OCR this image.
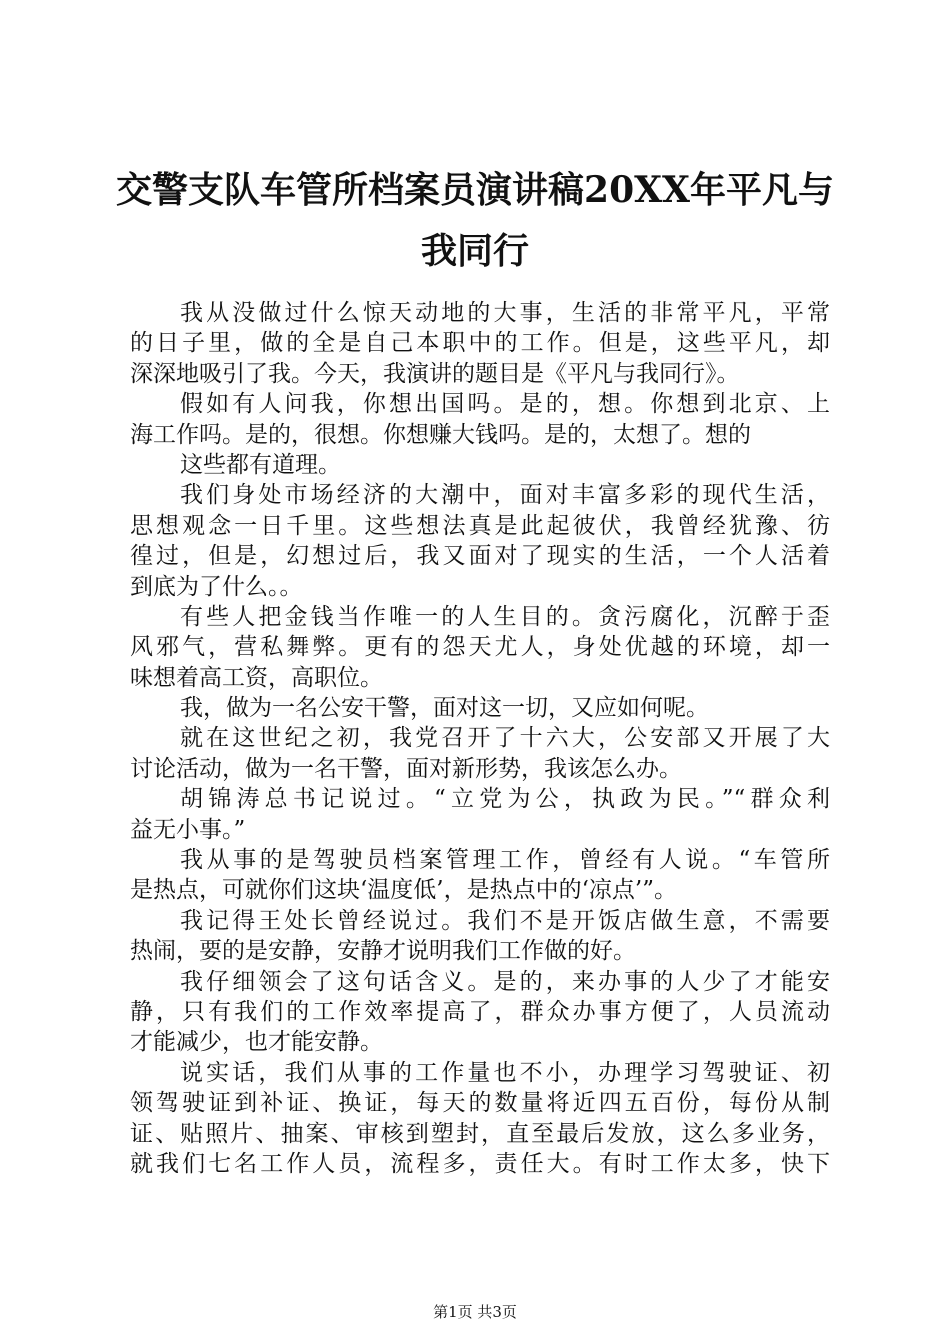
交警支队车管所档案员演讲稿20XX年平凡与
我同行
我从没做过什么惊天动地的大事，生活的非常平凡，平常
的日子里，做的全是自己本职中的工作。但是，这些平凡，却
深深地吸引了我。今天，我演讲的题目是《平凡与我同行》。
假如有人问我，你想出国吗。是的，想。你想到北京、上
海工作吗。是的，很想。你想赚大钱吗。是的，太想了。想的
这些都有道理。
我们身处市场经济的大潮中，面对丰富多彩的现代生活，
思想观念一日千里。这些想法真是此起彼伏，我曾经犹豫、彷
徨过，但是，幻想过后，我又面对了现实的生活，一个人活着
到底为了什么。。
有些人把金钱当作唯一的人生目的。贪污腐化，沉醉于歪
风邪气，营私舞弊。更有的怨天尤人，身处优越的环境，却一
味想着高工资，高职位。
我，做为一名公安干警，面对这一切，又应如何呢。
就在这世纪之初，我党召开了十六大，公安部又开展了大
讨论活动，做为一名干警，面对新形势，我该怎么办。
胡锦涛总书记说过。“立党为公，执政为民。”“群众利
益无小事。”
我从事的是驾驶员档案管理工作，曾经有人说。“车管所
是热点，可就你们这块‘温度低’，是热点中的‘凉点’”。
我记得王处长曾经说过。我们不是开饭店做生意，不需要
热闹，要的是安静，安静才说明我们工作做的好。
我仔细领会了这句话含义。是的，来办事的人少了才能安
静，只有我们的工作效率提高了，群众办事方便了，人员流动
才能减少，也才能安静。
说实话，我们从事的工作量也不小，办理学习驾驶证、初
领驾驶证到补证、换证，每天的数量将近四五百份，每份从制
证、贴照片、抽案、审核到塑封，直至最后发放，这么多业务，
就我们七名工作人员，流程多，责任大。有时工作太多，快下
第1页 共3页
